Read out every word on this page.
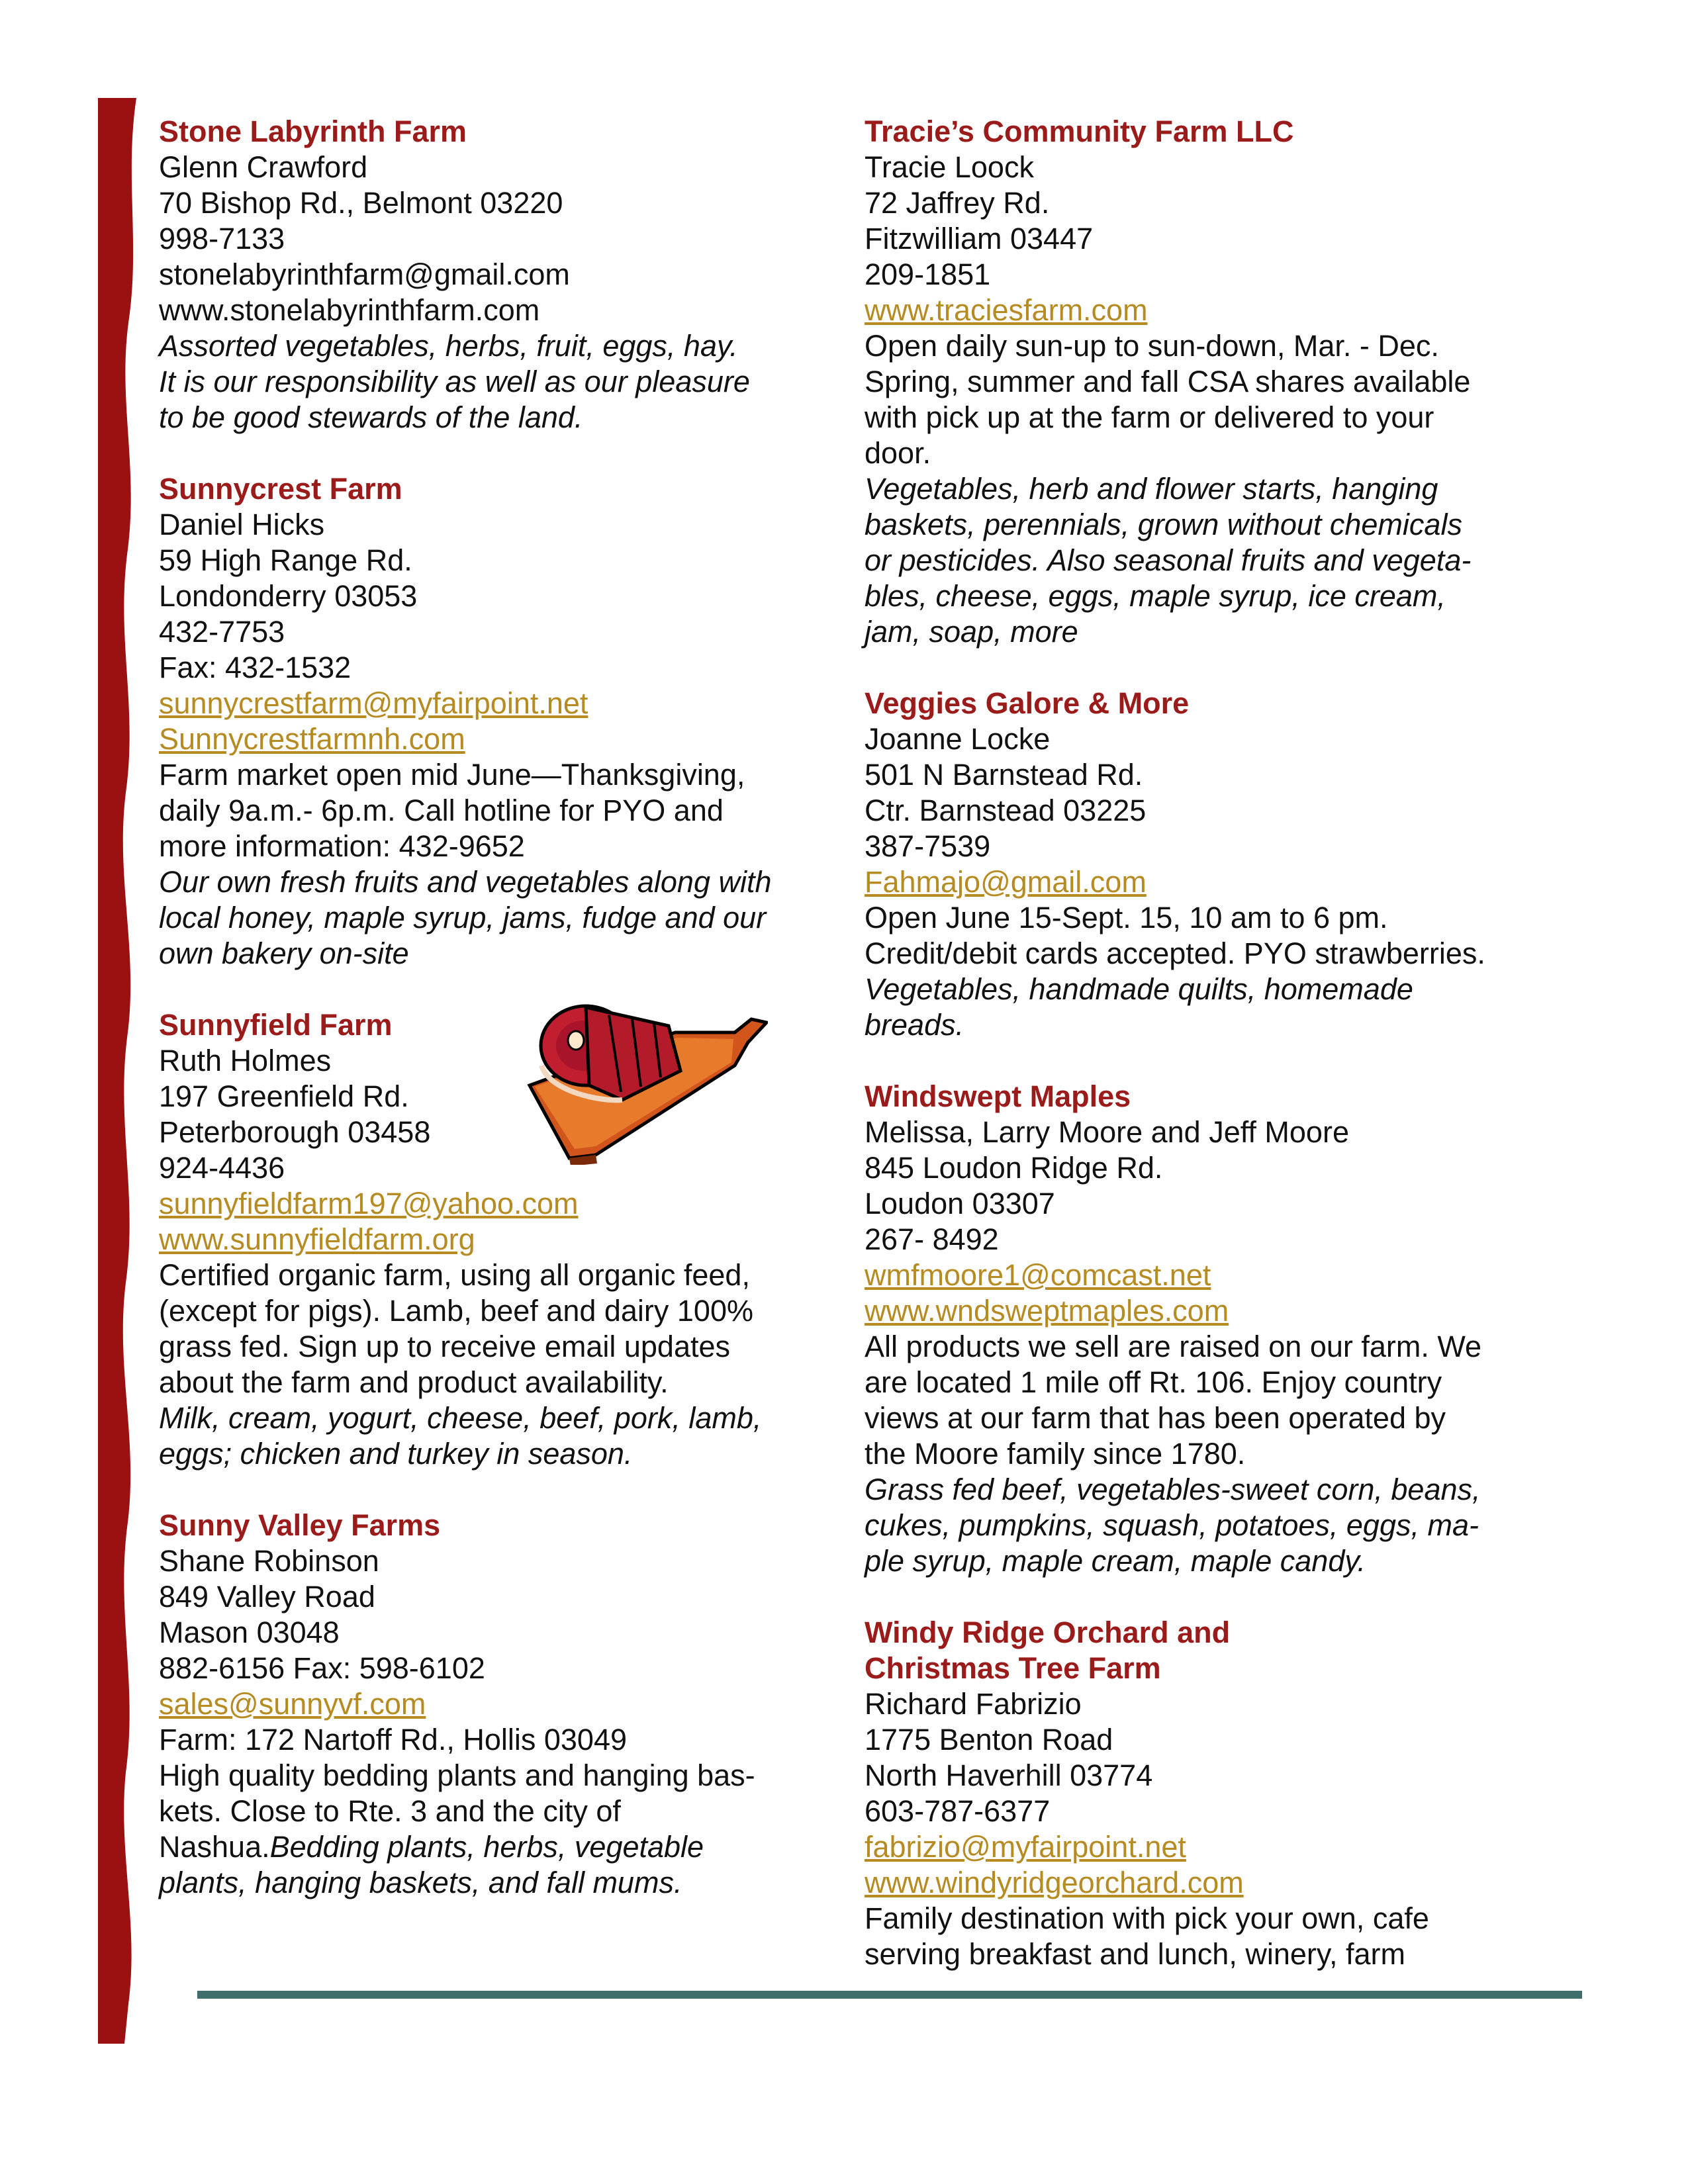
Stone Labyrinth Farm
Glenn Crawford
70 Bishop Rd., Belmont 03220
998-7133
stonelabyrinthfarm@gmail.com
www.stonelabyrinthfarm.com
Assorted vegetables, herbs, fruit, eggs, hay.
It is our responsibility as well as our pleasure
to be good stewards of the land.
Sunnycrest Farm
Daniel Hicks
59 High Range Rd.
Londonderry 03053
432-7753
Fax: 432-1532
sunnycrestfarm@myfairpoint.net
Sunnycrestfarmnh.com
Farm market open mid June—Thanksgiving,
daily 9a.m.- 6p.m. Call hotline for PYO and
more information: 432-9652
Our own fresh fruits and vegetables along with
local honey, maple syrup, jams, fudge and our
own bakery on-site
Sunnyfield Farm
Ruth Holmes
197 Greenfield Rd.
Peterborough 03458
924-4436
sunnyfieldfarm197@yahoo.com
www.sunnyfieldfarm.org
Certified organic farm, using all organic feed,
(except for pigs). Lamb, beef and dairy 100%
grass fed. Sign up to receive email updates
about the farm and product availability.
Milk, cream, yogurt, cheese, beef, pork, lamb,
eggs; chicken and turkey in season.
Sunny Valley Farms
Shane Robinson
849 Valley Road
Mason 03048
882-6156 Fax: 598-6102
sales@sunnyvf.com
Farm: 172 Nartoff Rd., Hollis 03049
High quality bedding plants and hanging bas-
kets. Close to Rte. 3 and the city of
Nashua.Bedding plants, herbs, vegetable
plants, hanging baskets, and fall mums.
Tracie’s Community Farm LLC
Tracie Loock
72 Jaffrey Rd.
Fitzwilliam 03447
209-1851
www.traciesfarm.com
Open daily sun-up to sun-down, Mar. - Dec.
Spring, summer and fall CSA shares available
with pick up at the farm or delivered to your
door.
Vegetables, herb and flower starts, hanging
baskets, perennials, grown without chemicals
or pesticides. Also seasonal fruits and vegeta-
bles, cheese, eggs, maple syrup, ice cream,
jam, soap, more
Veggies Galore & More
Joanne Locke
501 N Barnstead Rd.
Ctr. Barnstead 03225
387-7539
Fahmajo@gmail.com
Open June 15-Sept. 15, 10 am to 6 pm.
Credit/debit cards accepted. PYO strawberries.
Vegetables, handmade quilts, homemade
breads.
Windswept Maples
Melissa, Larry Moore and Jeff Moore
845 Loudon Ridge Rd.
Loudon 03307
267- 8492
wmfmoore1@comcast.net
www.wndsweptmaples.com
All products we sell are raised on our farm. We
are located 1 mile off Rt. 106. Enjoy country
views at our farm that has been operated by
the Moore family since 1780.
Grass fed beef, vegetables-sweet corn, beans,
cukes, pumpkins, squash, potatoes, eggs, ma-
ple syrup, maple cream, maple candy.
Windy Ridge Orchard and
Christmas Tree Farm
Richard Fabrizio
1775 Benton Road
North Haverhill 03774
603-787-6377
fabrizio@myfairpoint.net
www.windyridgeorchard.com
Family destination with pick your own, cafe
serving breakfast and lunch, winery, farm
